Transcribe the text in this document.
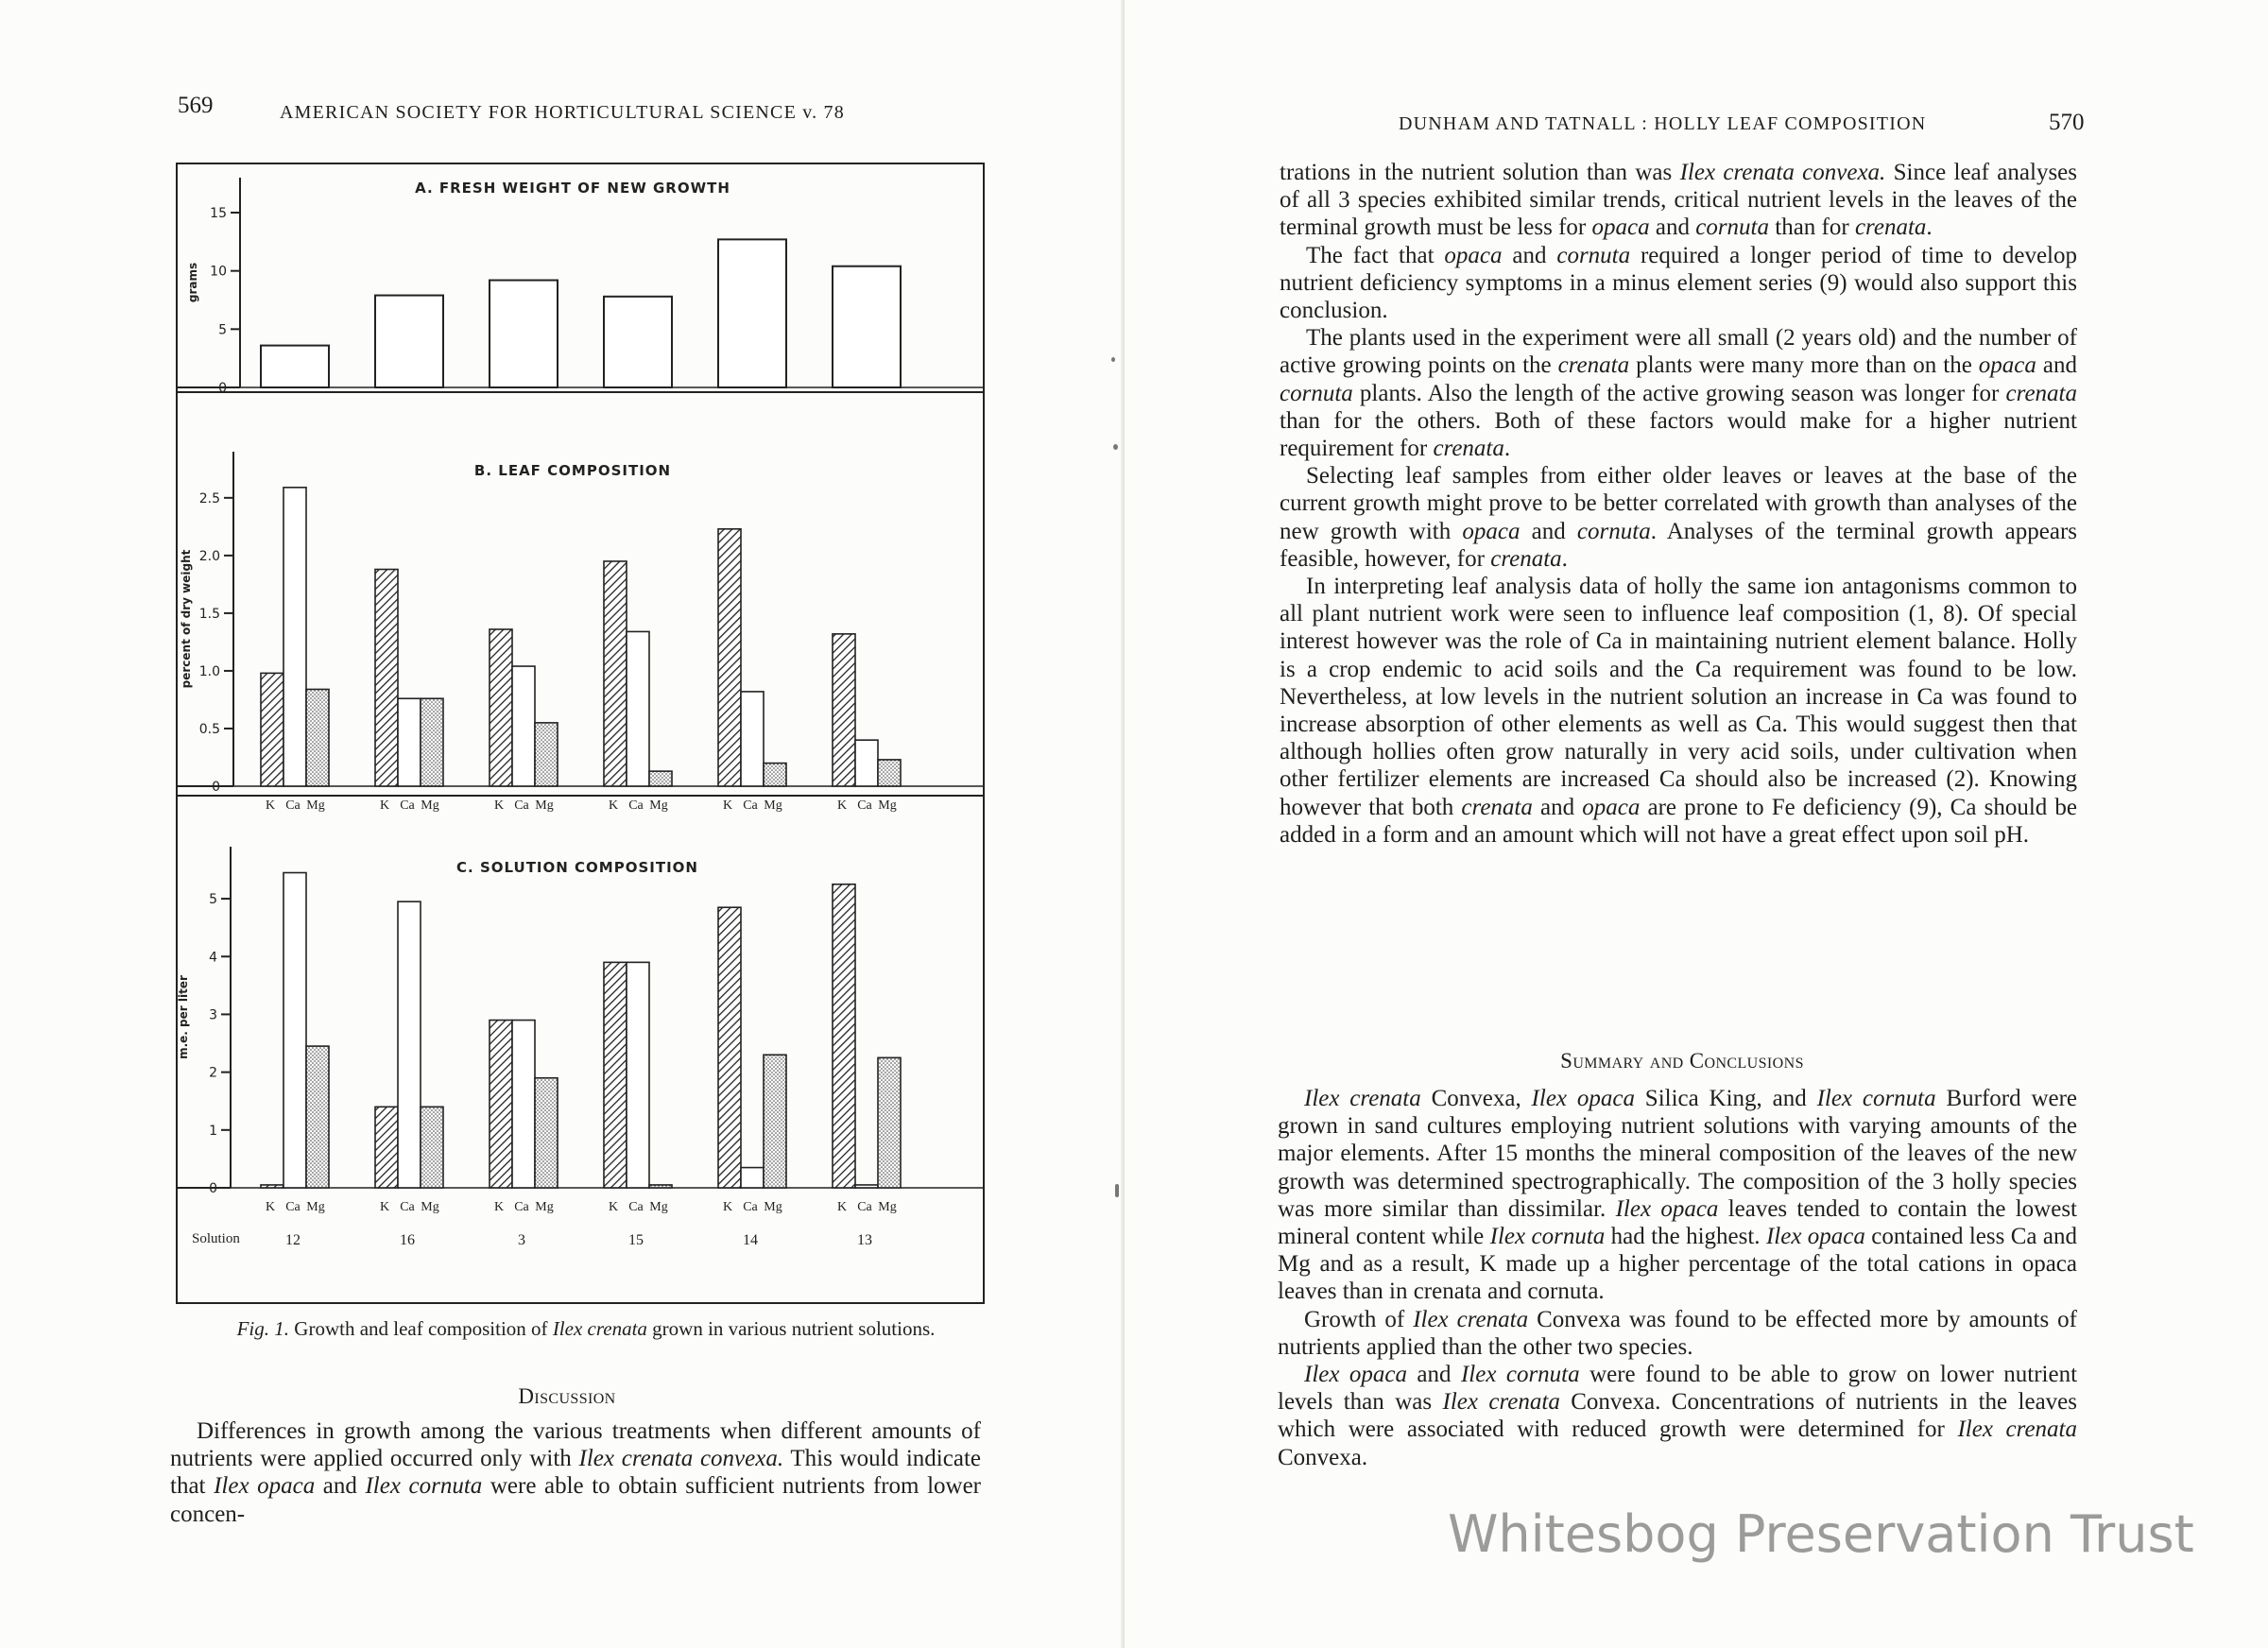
569	AMERICAN SOCIETY FOR HORTICULTURAL SCIENCE v. 78
A. FRESH WEIGHT OF NEW GROWTH
0
5
10
15
grams
B. LEAF COMPOSITION
0
0.5
1.0
1.5
2.0
2.5
percent of dry weight
K Ca Mg	K Ca Mg	K Ca Mg	K Ca Mg	K Ca Mg	K Ca Mg
C. SOLUTION COMPOSITION
0
1
2
3
4
5
m.e. per liter
K Ca Mg	K Ca Mg	K Ca Mg	K Ca Mg	K Ca Mg	K Ca Mg
Solution	12	16	3	15	14	13
Fig. 1. Growth and leaf composition of Ilex crenata grown in various nutrient solutions.
Discussion

Differences in growth among the various treatments when different amounts of nutrients were applied occurred only with Ilex crenata convexa. This would indicate that Ilex opaca and Ilex cornuta were able to obtain sufficient nutrients from lower concen-

DUNHAM AND TATNALL : HOLLY LEAF COMPOSITION	570

trations in the nutrient solution than was Ilex crenata convexa. Since leaf analyses of all 3 species exhibited similar trends, critical nutrient levels in the leaves of the terminal growth must be less for opaca and cornuta than for crenata.

The fact that opaca and cornuta required a longer period of time to develop nutrient deficiency symptoms in a minus element series (9) would also support this conclusion.

The plants used in the experiment were all small (2 years old) and the number of active growing points on the crenata plants were many more than on the opaca and cornuta plants. Also the length of the active growing season was longer for crenata than for the others. Both of these factors would make for a higher nutrient requirement for crenata.

Selecting leaf samples from either older leaves or leaves at the base of the current growth might prove to be better correlated with growth than analyses of the new growth with opaca and cornuta. Analyses of the terminal growth appears feasible, however, for crenata.

In interpreting leaf analysis data of holly the same ion antagonisms common to all plant nutrient work were seen to influence leaf composition (1, 8). Of special interest however was the role of Ca in maintaining nutrient element balance. Holly is a crop endemic to acid soils and the Ca requirement was found to be low. Nevertheless, at low levels in the nutrient solution an increase in Ca was found to increase absorption of other elements as well as Ca. This would suggest then that although hollies often grow naturally in very acid soils, under cultivation when other fertilizer elements are increased Ca should also be increased (2). Knowing however that both crenata and opaca are prone to Fe deficiency (9), Ca should be added in a form and an amount which will not have a great effect upon soil pH.

Summary and Conclusions

Ilex crenata Convexa, Ilex opaca Silica King, and Ilex cornuta Burford were grown in sand cultures employing nutrient solutions with varying amounts of the major elements. After 15 months the mineral composition of the leaves of the new growth was determined spectrographically. The composition of the 3 holly species was more similar than dissimilar. Ilex opaca leaves tended to contain the lowest mineral content while Ilex cornuta had the highest. Ilex opaca contained less Ca and Mg and as a result, K made up a higher percentage of the total cations in opaca leaves than in crenata and cornuta.

Growth of Ilex crenata Convexa was found to be effected more by amounts of nutrients applied than the other two species.

Ilex opaca and Ilex cornuta were found to be able to grow on lower nutrient levels than was Ilex crenata Convexa. Concentrations of nutrients in the leaves which were associated with reduced growth were determined for Ilex crenata Convexa.

Whitesbog Preservation Trust
